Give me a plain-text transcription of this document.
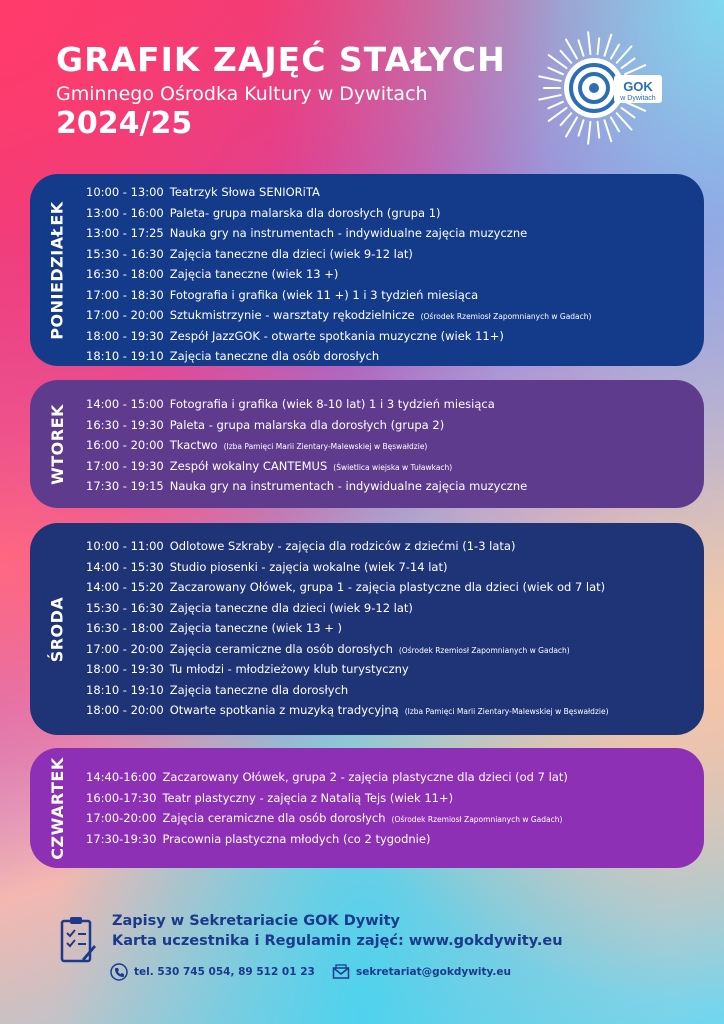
GRAFIK ZAJĘĆ STAŁYCH
Gminnego Ośrodka Kultury w Dywitach
2024/25
GOK
w Dywitach
PONIEDZIAŁEK
10:00 - 13:00 Teatrzyk Słowa SENIORiTA
13:00 - 16:00 Paleta- grupa malarska dla dorosłych (grupa 1)
13:00 - 17:25 Nauka gry na instrumentach - indywidualne zajęcia muzyczne
15:30 - 16:30 Zajęcia taneczne dla dzieci (wiek 9-12 lat)
16:30 - 18:00 Zajęcia taneczne (wiek 13 +)
17:00 - 18:30 Fotografia i grafika (wiek 11 +) 1 i 3 tydzień miesiąca
17:00 - 20:00 Sztukmistrzynie - warsztaty rękodzielnicze (Ośrodek Rzemiosł Zapomnianych w Gadach)
18:00 - 19:30 Zespół JazzGOK - otwarte spotkania muzyczne (wiek 11+)
18:10 - 19:10 Zajęcia taneczne dla osób dorosłych
WTOREK 14:00 - 15:00 Fotografia i grafika (wiek 8-10 lat) 1 i 3 tydzień miesiąca
16:30 - 19:30 Paleta - grupa malarska dla dorosłych (grupa 2)
16:00 - 20:00 Tkactwo (Izba Pamięci Marii Zientary-Malewskiej w Bęswałdzie)
17:00 - 19:30 Zespół wokalny CANTEMUS (Świetlica wiejska w Tuławkach)
17:30 - 19:15 Nauka gry na instrumentach - indywidualne zajęcia muzyczne
ŚRODA
10:00 - 11:00 Odlotowe Szkraby - zajęcia dla rodziców z dziećmi (1-3 lata)
14:00 - 15:30 Studio piosenki - zajęcia wokalne (wiek 7-14 lat)
14:00 - 15:20 Zaczarowany Ołówek, grupa 1 - zajęcia plastyczne dla dzieci (wiek od 7 lat)
15:30 - 16:30 Zajęcia taneczne dla dzieci (wiek 9-12 lat)
16:30 - 18:00 Zajęcia taneczne (wiek 13 + )
17:00 - 20:00 Zajęcia ceramiczne dla osób dorosłych (Ośrodek Rzemiosł Zapomnianych w Gadach)
18:00 - 19:30 Tu młodzi - młodzieżowy klub turystyczny
18:10 - 19:10 Zajęcia taneczne dla dorosłych
18:00 - 20:00 Otwarte spotkania z muzyką tradycyjną (Izba Pamięci Marii Zientary-Malewskiej w Bęswałdzie)
CZWARTEK 14:40-16:00 Zaczarowany Ołówek, grupa 2 - zajęcia plastyczne dla dzieci (od 7 lat)
16:00-17:30 Teatr plastyczny - zajęcia z Natalią Tejs (wiek 11+)
17:00-20:00 Zajęcia ceramiczne dla osób dorosłych (Ośrodek Rzemiosł Zapomnianych w Gadach)
17:30-19:30 Pracownia plastyczna młodych (co 2 tygodnie)
Zapisy w Sekretariacie GOK Dywity
Karta uczestnika i Regulamin zajęć: www.gokdywity.eu
tel. 530 745 054, 89 512 01 23	sekretariat@gokdywity.eu
